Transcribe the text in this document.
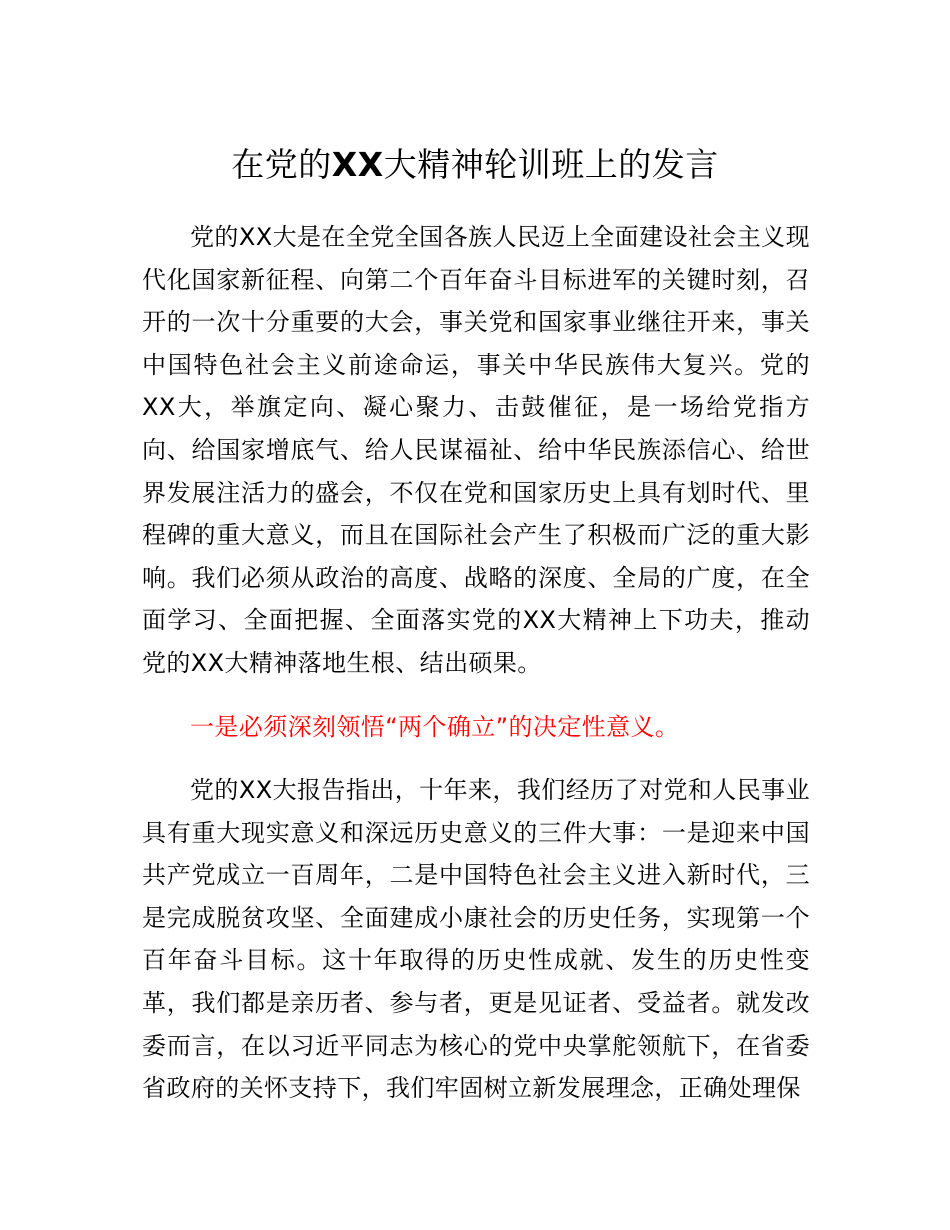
在党的XX大精神轮训班上的发言

党的XX大是在全党全国各族人民迈上全面建设社会主义现代化国家新征程、向第二个百年奋斗目标进军的关键时刻，召开的一次十分重要的大会，事关党和国家事业继往开来，事关中国特色社会主义前途命运，事关中华民族伟大复兴。党的XX大，举旗定向、凝心聚力、击鼓催征，是一场给党指方向、给国家增底气、给人民谋福祉、给中华民族添信心、给世界发展注活力的盛会，不仅在党和国家历史上具有划时代、里程碑的重大意义，而且在国际社会产生了积极而广泛的重大影响。我们必须从政治的高度、战略的深度、全局的广度，在全面学习、全面把握、全面落实党的XX大精神上下功夫，推动党的XX大精神落地生根、结出硕果。

一是必须深刻领悟“两个确立”的决定性意义。

党的XX大报告指出，十年来，我们经历了对党和人民事业具有重大现实意义和深远历史意义的三件大事：一是迎来中国共产党成立一百周年，二是中国特色社会主义进入新时代，三是完成脱贫攻坚、全面建成小康社会的历史任务，实现第一个百年奋斗目标。这十年取得的历史性成就、发生的历史性变革，我们都是亲历者、参与者，更是见证者、受益者。就发改委而言，在以习近平同志为核心的党中央掌舵领航下，在省委省政府的关怀支持下，我们牢固树立新发展理念，正确处理保
